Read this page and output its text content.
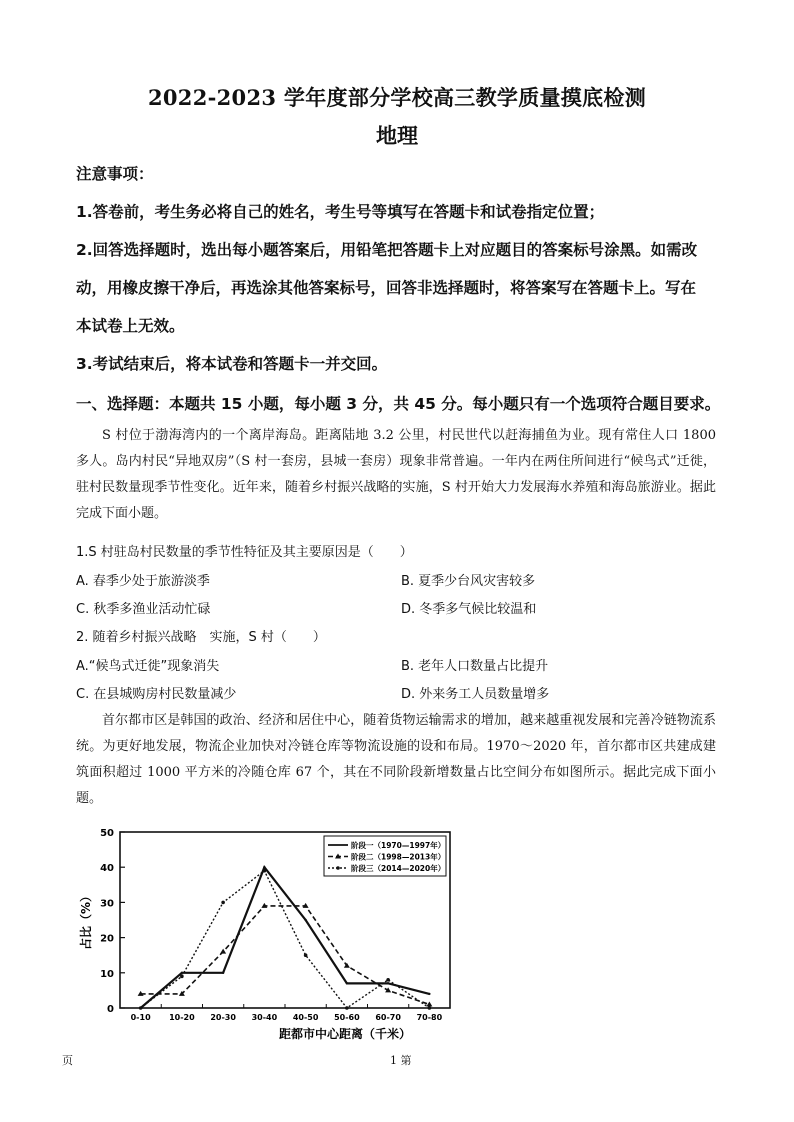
2022-2023 学年度部分学校高三教学质量摸底检测
地理
注意事项：
1.答卷前，考生务必将自己的姓名，考生号等填写在答题卡和试卷指定位置；
2.回答选择题时，选出每小题答案后，用铅笔把答题卡上对应题目的答案标号涂黑。如需改
动，用橡皮擦干净后，再选涂其他答案标号，回答非选择题时，将答案写在答题卡上。写在
本试卷上无效。
3.考试结束后，将本试卷和答题卡一并交回。
一、选择题：本题共 15 小题，每小题 3 分，共 45 分。每小题只有一个选项符合题目要求。
S 村位于渤海湾内的一个离岸海岛。距离陆地 3.2 公里，村民世代以赶海捕鱼为业。现有常住人口 1800 多人。岛内村民“异地双房”（S 村一套房，县城一套房）现象非常普遍。一年内在两住所间进行“候鸟式”迁徙，驻村民数量现季节性变化。近年来，随着乡村振兴战略的实施，S 村开始大力发展海水养殖和海岛旅游业。据此完成下面小题。
1.S 村驻岛村民数量的季节性特征及其主要原因是（　　）
A. 春季少处于旅游淡季	B. 夏季少台风灾害较多
C. 秋季多渔业活动忙碌	D. 冬季多气候比较温和
2. 随着乡村振兴战略　实施，S 村（　　）
A.“候鸟式迁徙”现象消失	B. 老年人口数量占比提升
C. 在县城购房村民数量减少	D. 外来务工人员数量增多
首尔都市区是韩国的政治、经济和居住中心，随着货物运输需求的增加，越来越重视发展和完善冷链物流系统。为更好地发展，物流企业加快对冷链仓库等物流设施的设和布局。1970～2020 年，首尔都市区共建成建筑面积超过 1000 平方米的冷随仓库 67 个，其在不同阶段新增数量占比空间分布如图所示。据此完成下面小题。
0
10
20
30
40
50
占比（%）
0-10 10-20 20-30 30-40 40-50 50-60 60-70 70-80
距都市中心距离（千米）
阶段一（1970—1997年）
阶段二（1998—2013年）
阶段三（2014—2020年）
页	1 第
